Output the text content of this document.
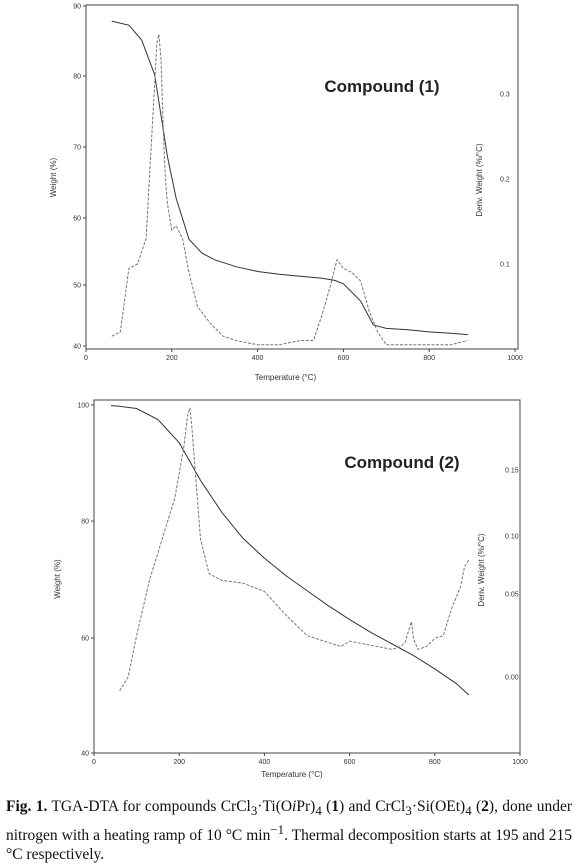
0	200	400	600	800	1000
40
50
60
70
80
90
0.1
0.2
0.3
Temperature (°C)
Weight (%)	Deriv. Weight (%/°C)
Compound (1)
0	200	400	600	800	1000
40
60
80
100
0.00
0.05
0.10
0.15
Temperature (°C)
Weight (%)	Deriv. Weight (%/°C)
Compound (2)
Fig. 1. TGA-DTA for compounds $CrCl_3\cdot Ti(OiPr)_4$ (1) and $CrCl_3\cdot Si(OEt)_4$ (2), done under nitrogen with a heating ramp of 10 °C $\min^{-1}$. Thermal decomposition starts at 195 and 215 °C respectively.
